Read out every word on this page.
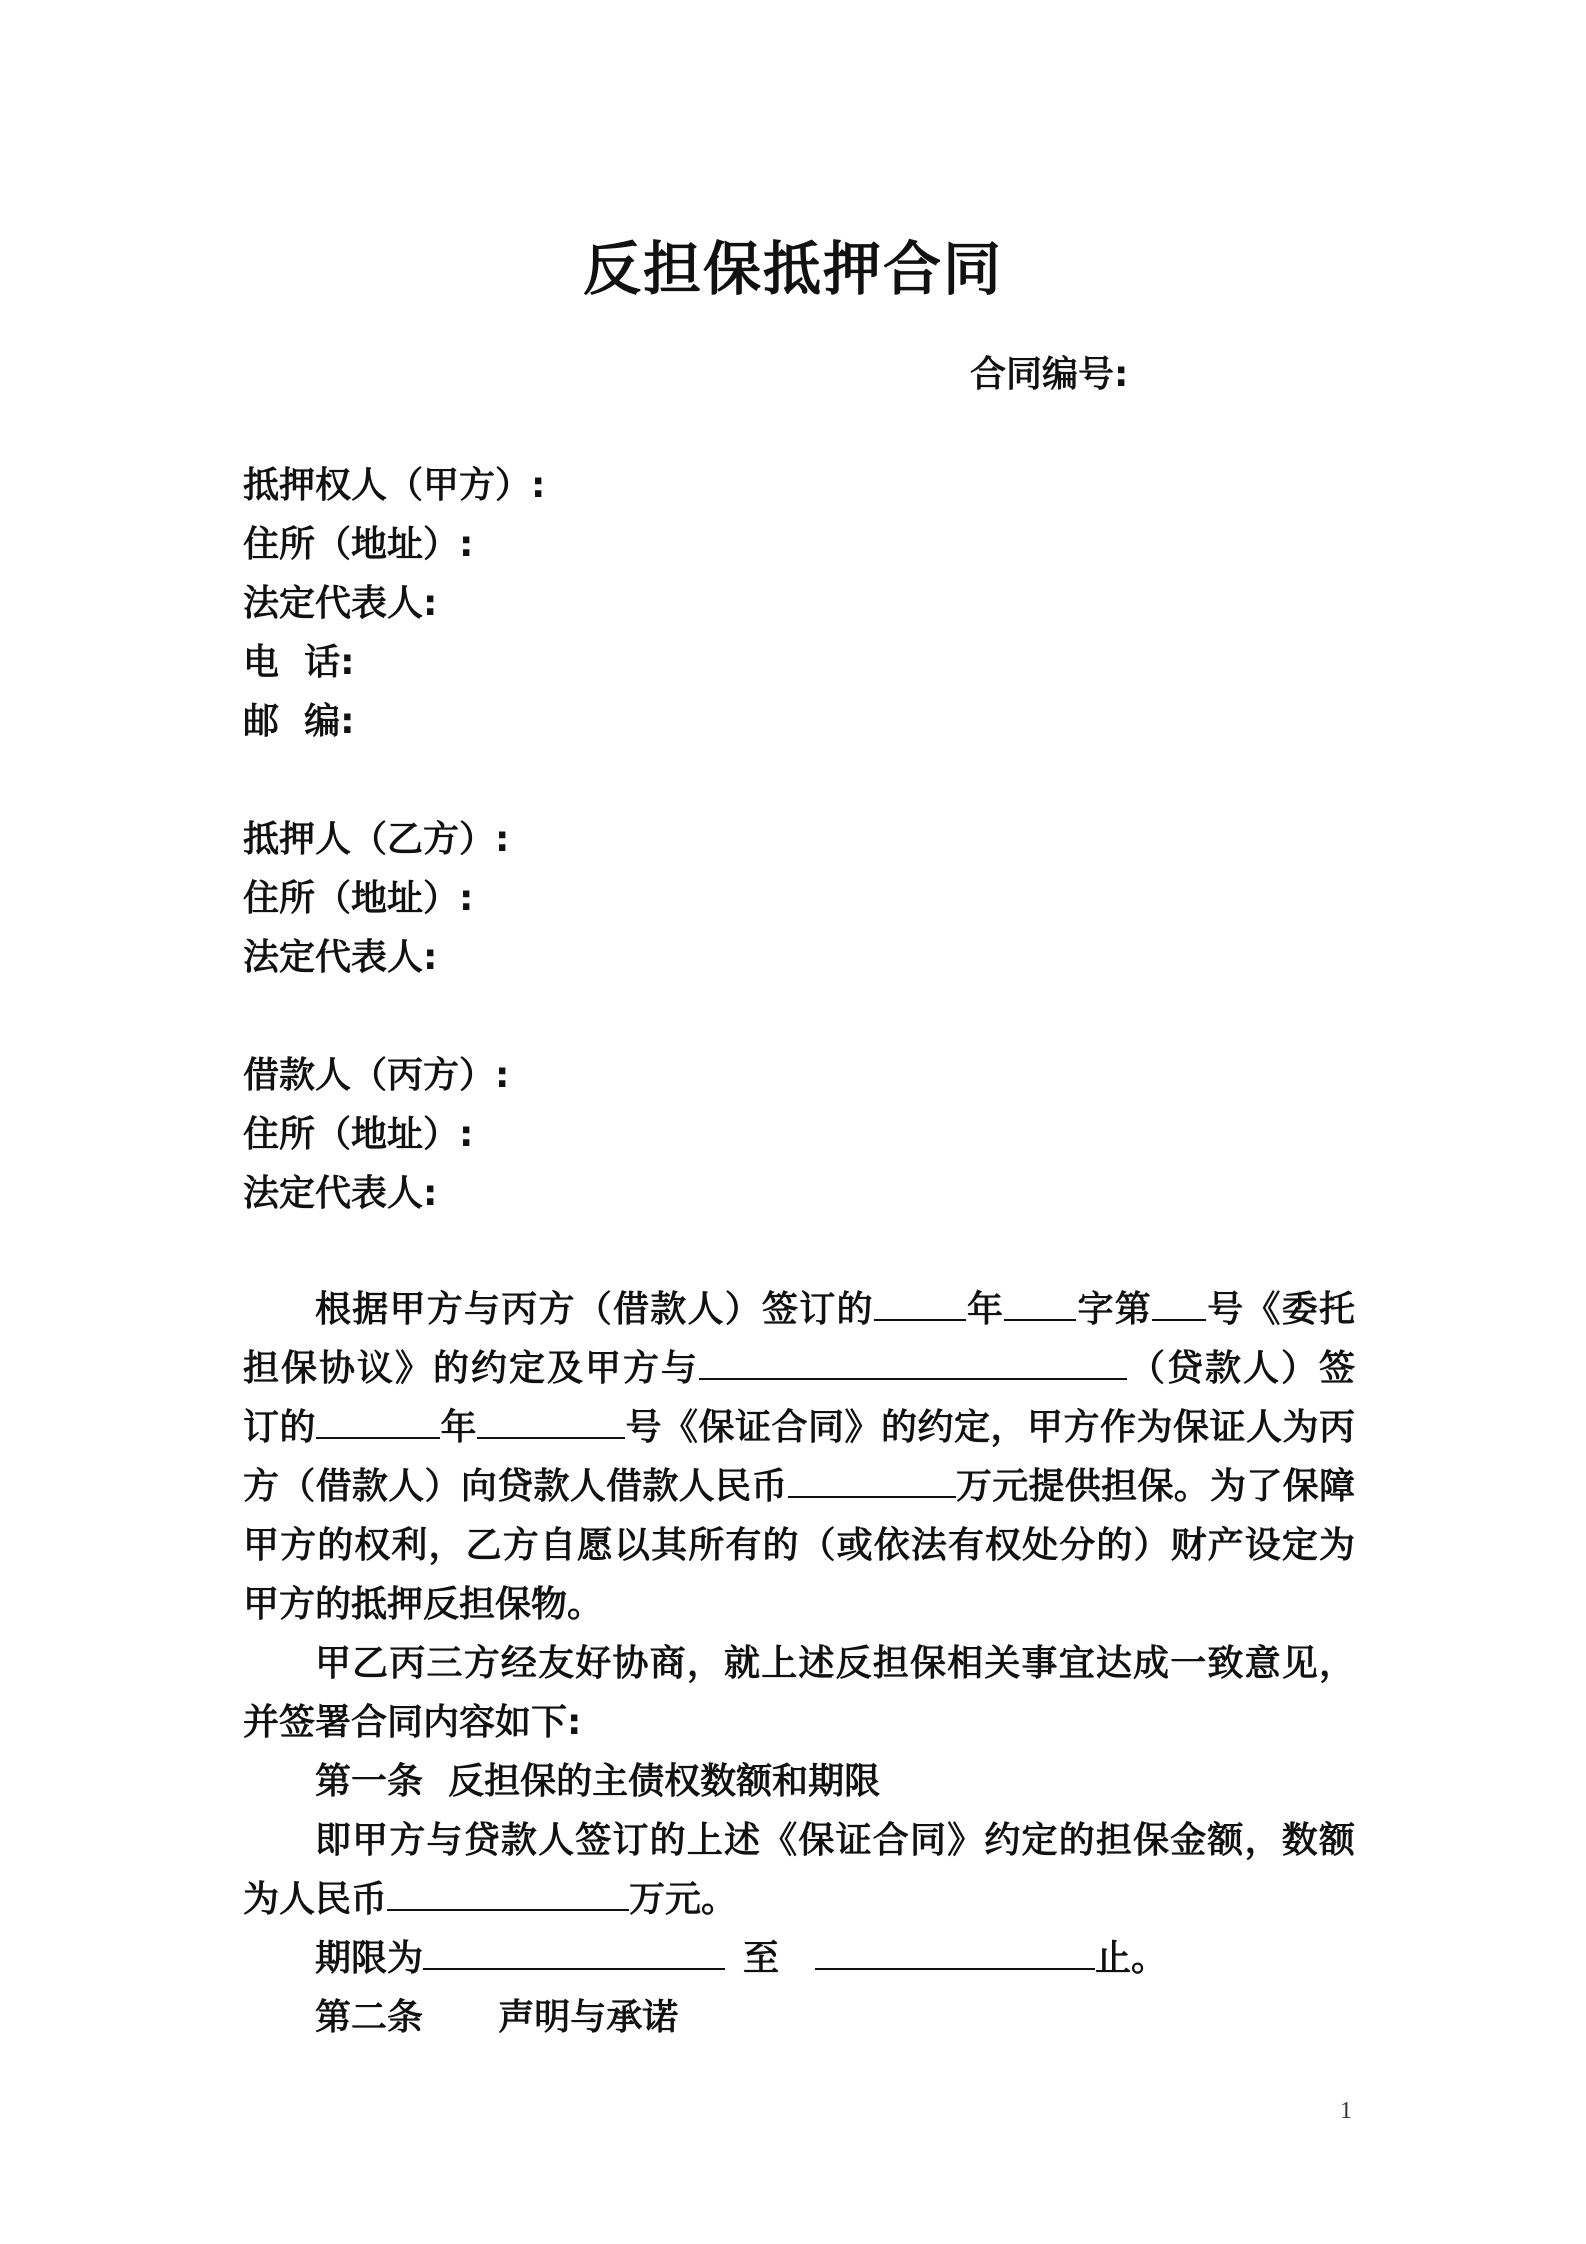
反担保抵押合同
合同编号:
抵押权人（甲方）:
住所（地址）:
法定代表人:
电  话:
邮  编:
抵押人（乙方）:
住所（地址）:
法定代表人:
借款人（丙方）:
住所（地址）:
法定代表人:
根据甲方与丙方（借款人）签订的	年 字第 号《委托担保协议》的约定及甲方与	（贷款人）签订的	年	号《保证合同》的约定，甲方作为保证人为丙方（借款人）向贷款人借款人民币	万元提供担保。为了保障甲方的权利，乙方自愿以其所有的（或依法有权处分的）财产设定为甲方的抵押反担保物。
甲乙丙三方经友好协商，就上述反担保相关事宜达成一致意见，并签署合同内容如下:
第一条  反担保的主债权数额和期限
即甲方与贷款人签订的上述《保证合同》约定的担保金额，数额为人民币	万元。
期限为	至	止。
第二条      声明与承诺
1
